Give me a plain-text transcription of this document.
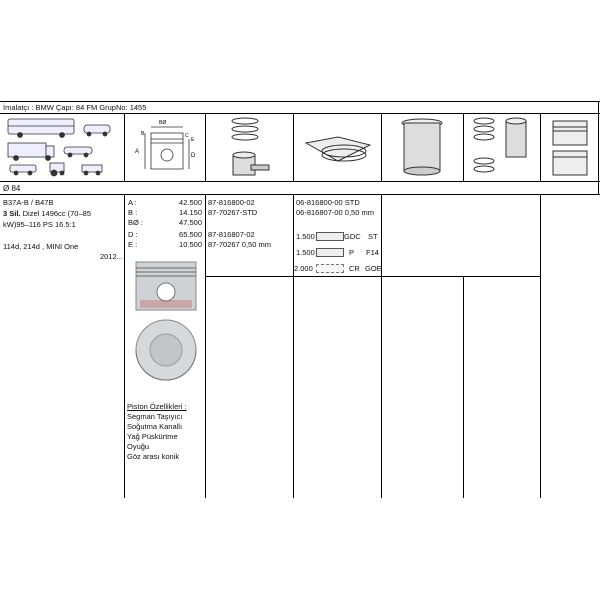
İmalatçı : BMW Çapı: 84 FM GrupNo: 1455
A
B
BØ
C
D
E
Ø 84
B37A-B / B47B
3 Sil. Dizel 1496cc (70–85
kW)95–116 PS 16.5:1
114d, 214d , MINI One
2012...
A :	42.500
B :	14.150
BØ :	47.500
D :	65.500
E :	10.500
87-816800-02
87-70267-STD
87-816807-02
87-70267 0,50 mm
06-816800-00 STD
06-816807-00 0,50 mm
1.500	GDC ST
1.500	P F14
2.000	CR GOE
Piston Özellikleri :
Segman Taşıyıcı
Soğutma Kanallı
Yağ Püskürtme
Oyuğu
Göz arası konik
